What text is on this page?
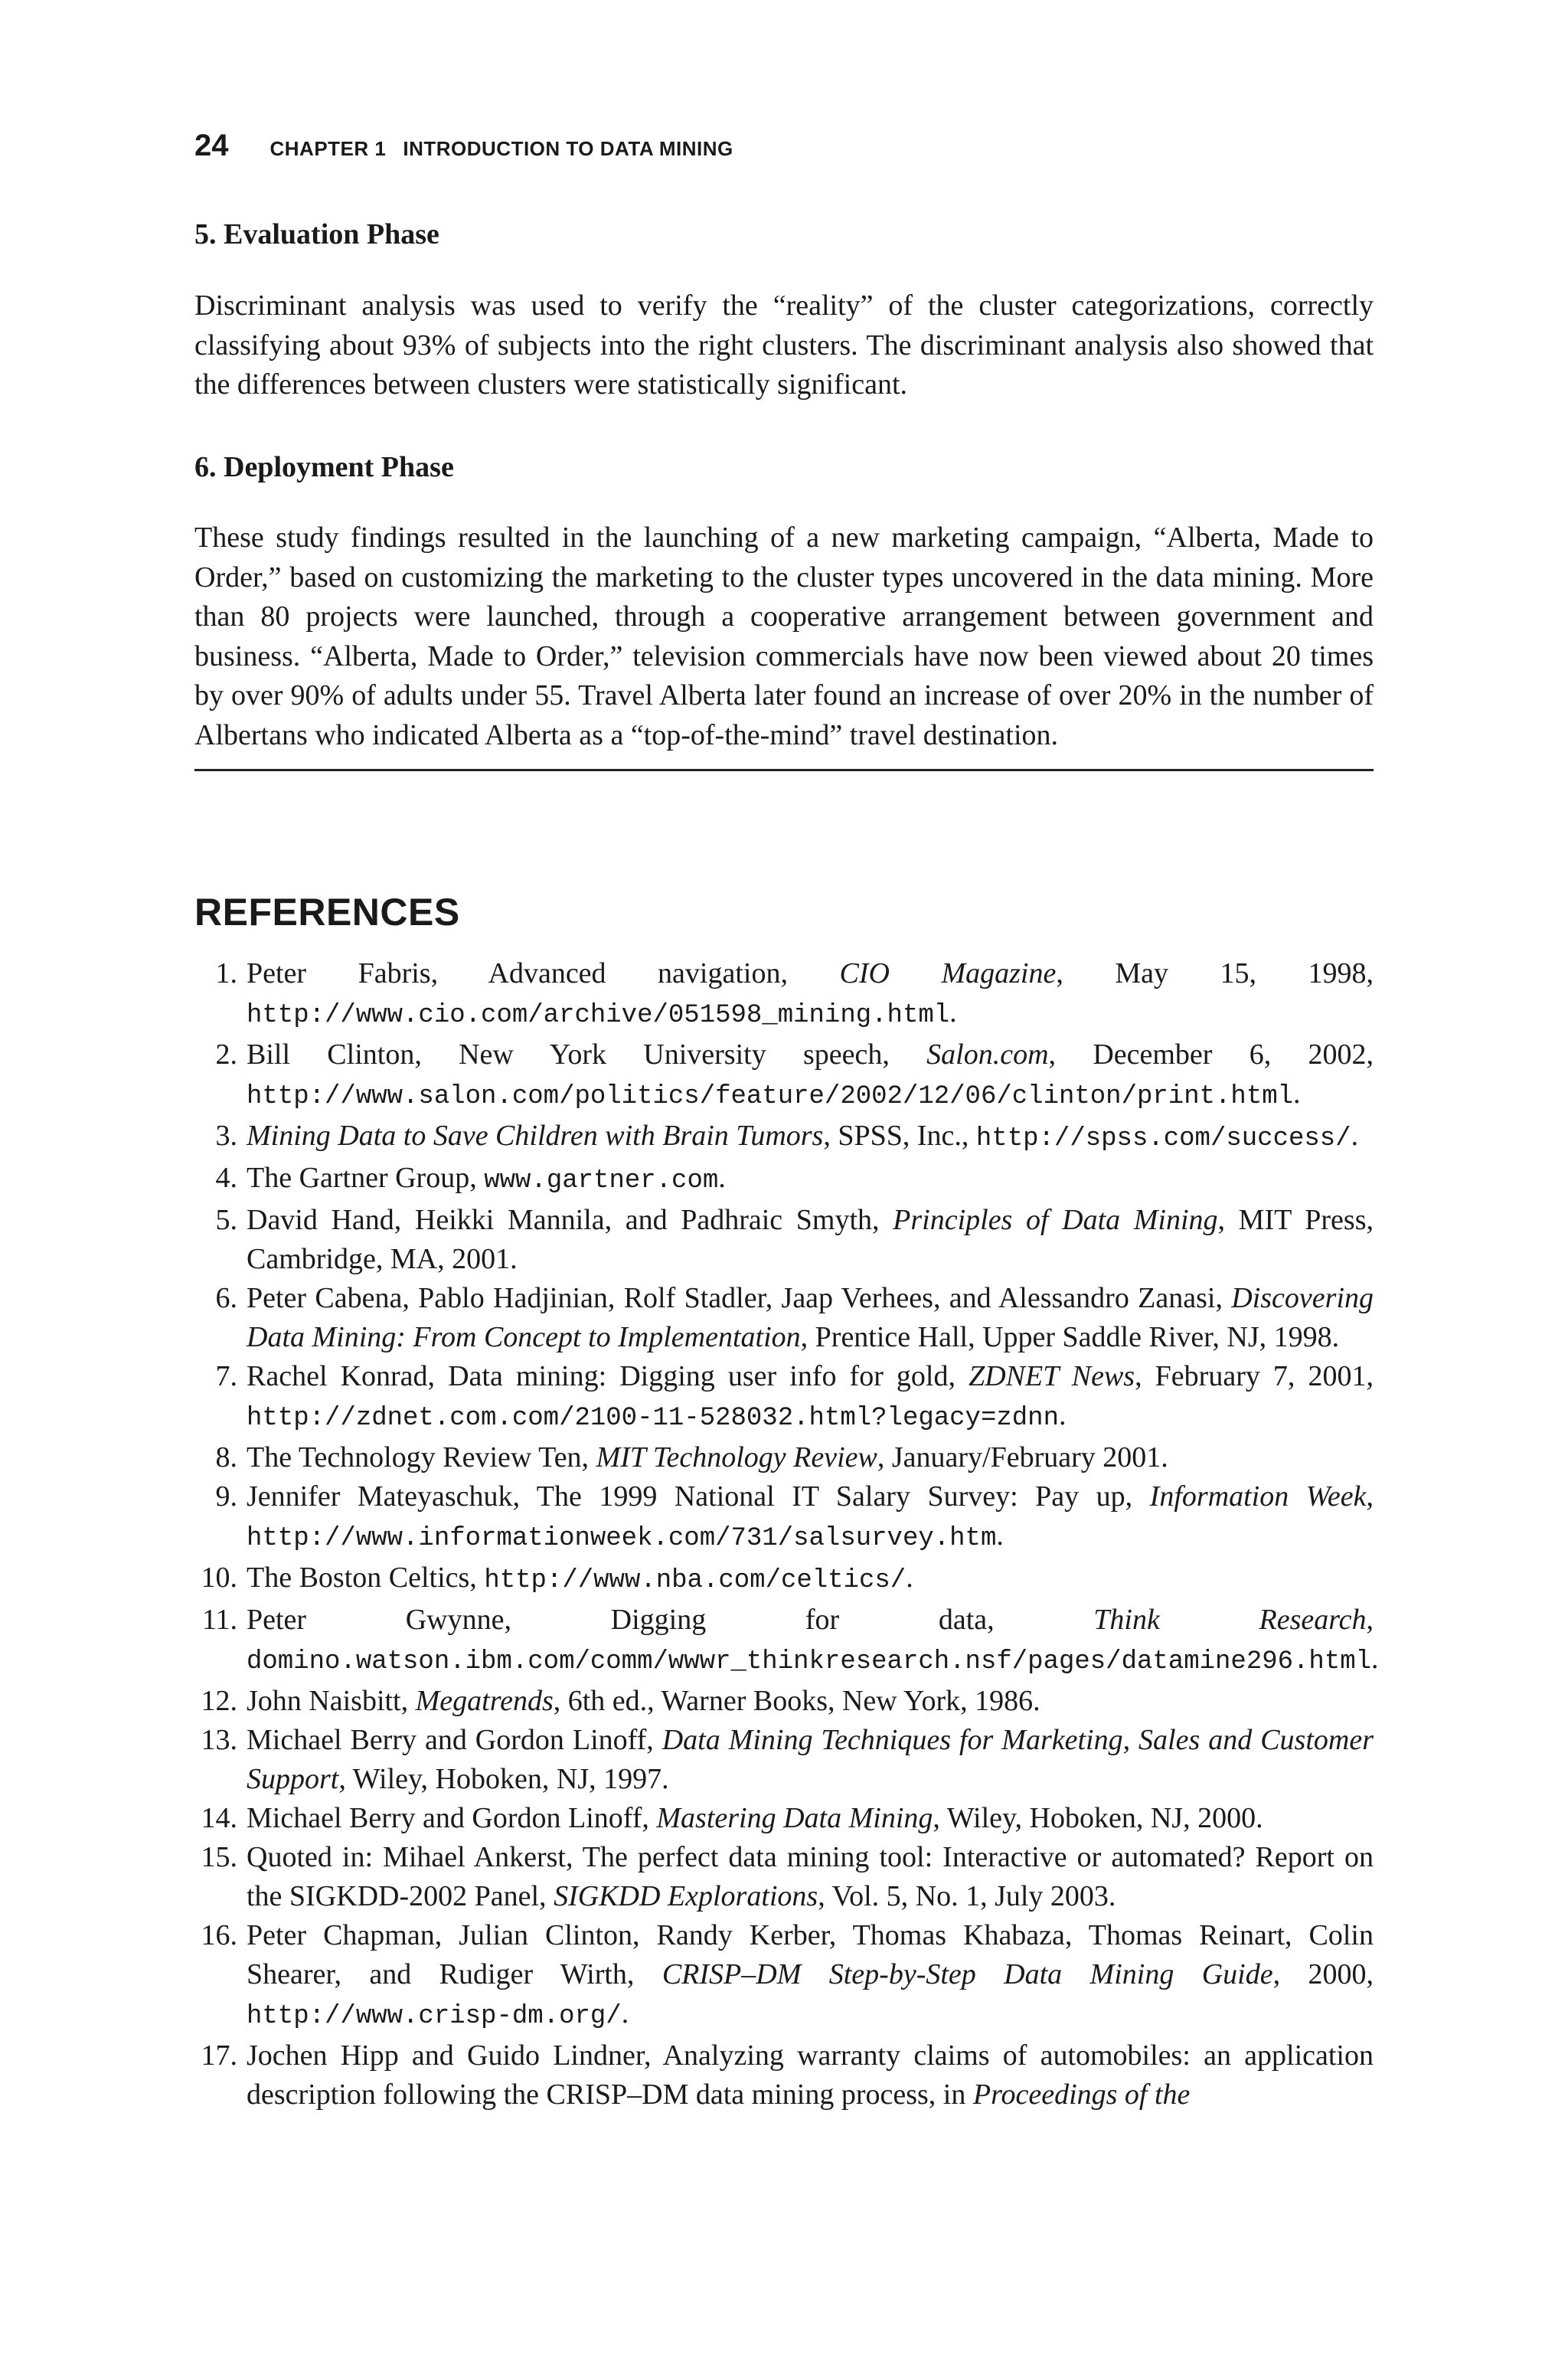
24 CHAPTER 1 INTRODUCTION TO DATA MINING
5. Evaluation Phase

Discriminant analysis was used to verify the “reality” of the cluster categorizations, correctly classifying about 93% of subjects into the right clusters. The discriminant analysis also showed that the differences between clusters were statistically significant.

6. Deployment Phase

These study findings resulted in the launching of a new marketing campaign, “Alberta, Made to Order,” based on customizing the marketing to the cluster types uncovered in the data mining. More than 80 projects were launched, through a cooperative arrangement between government and business. “Alberta, Made to Order,” television commercials have now been viewed about 20 times by over 90% of adults under 55. Travel Alberta later found an increase of over 20% in the number of Albertans who indicated Alberta as a “top-of-the-mind” travel destination.

REFERENCES
1. Peter Fabris, Advanced navigation, CIO Magazine, May 15, 1998, http://www.cio.com/archive/051598_mining.html.
2. Bill Clinton, New York University speech, Salon.com, December 6, 2002, http://www.salon.com/politics/feature/2002/12/06/clinton/print.html.
3. Mining Data to Save Children with Brain Tumors, SPSS, Inc., http://spss.com/success/.
4. The Gartner Group, www.gartner.com.
5. David Hand, Heikki Mannila, and Padhraic Smyth, Principles of Data Mining, MIT Press, Cambridge, MA, 2001.
6. Peter Cabena, Pablo Hadjinian, Rolf Stadler, Jaap Verhees, and Alessandro Zanasi, Discovering Data Mining: From Concept to Implementation, Prentice Hall, Upper Saddle River, NJ, 1998.
7. Rachel Konrad, Data mining: Digging user info for gold, ZDNET News, February 7, 2001, http://zdnet.com.com/2100-11-528032.html?legacy=zdnn.
8. The Technology Review Ten, MIT Technology Review, January/February 2001.
9. Jennifer Mateyaschuk, The 1999 National IT Salary Survey: Pay up, Information Week, http://www.informationweek.com/731/salsurvey.htm.
10. The Boston Celtics, http://www.nba.com/celtics/.
11. Peter Gwynne, Digging for data, Think Research, domino.watson.ibm.com/comm/wwwr_thinkresearch.nsf/pages/datamine296.html.
12. John Naisbitt, Megatrends, 6th ed., Warner Books, New York, 1986.
13. Michael Berry and Gordon Linoff, Data Mining Techniques for Marketing, Sales and Customer Support, Wiley, Hoboken, NJ, 1997.
14. Michael Berry and Gordon Linoff, Mastering Data Mining, Wiley, Hoboken, NJ, 2000.
15. Quoted in: Mihael Ankerst, The perfect data mining tool: Interactive or automated? Report on the SIGKDD-2002 Panel, SIGKDD Explorations, Vol. 5, No. 1, July 2003.
16. Peter Chapman, Julian Clinton, Randy Kerber, Thomas Khabaza, Thomas Reinart, Colin Shearer, and Rudiger Wirth, CRISP–DM Step-by-Step Data Mining Guide, 2000, http://www.crisp-dm.org/.
17. Jochen Hipp and Guido Lindner, Analyzing warranty claims of automobiles: an application description following the CRISP–DM data mining process, in Proceedings of the
